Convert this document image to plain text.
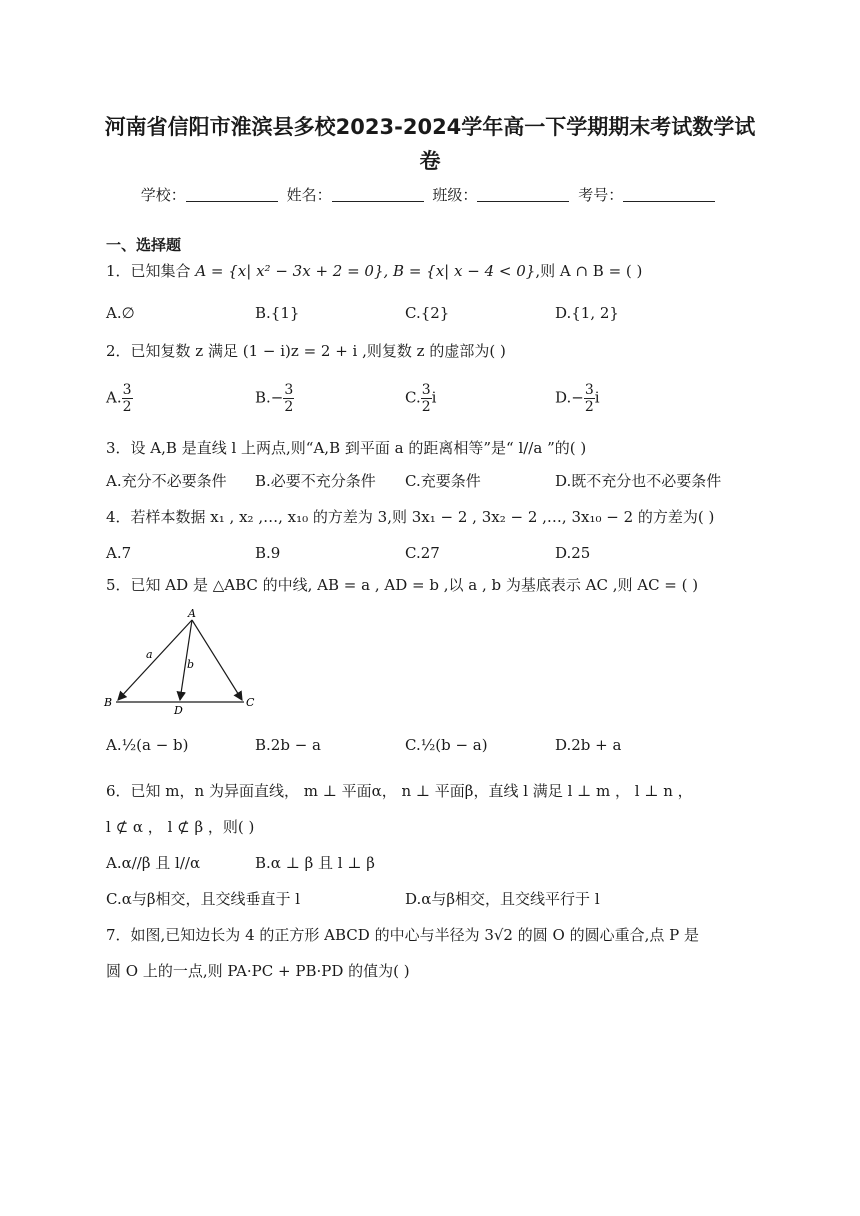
河南省信阳市淮滨县多校2023-2024学年高一下学期期末考试数学试
卷
学校：	姓名：	班级：	考号：
一、选择题
1．已知集合 A = {x| x² − 3x + 2 = 0}, B = {x| x − 4 < 0},则 A ∩ B = ( )
A.∅	B.{1}	C.{2}	D.{1, 2}
2．已知复数 z 满足 (1 − i)z = 2 + i ,则复数 z 的虚部为( )
A. $\frac{3}{2}$	$B.- \frac{3}{2}$	C. $\frac{3}{2}$ i	$D.- \frac{3}{2}$ i
3．设 A,B 是直线 l 上两点,则“A,B 到平面 a 的距离相等”是“ l//a ”的( )
A.充分不必要条件 B.必要不充分条件 C.充要条件	D.既不充分也不必要条件
4．若样本数据 x₁ , x₂ ,…, x₁₀ 的方差为 3,则 3x₁ − 2 , 3x₂ − 2 ,…, 3x₁₀ − 2 的方差为( )
A.7	B.9	C.27	D.25
5．已知 AD 是 △ABC 的中线, AB = a , AD = b ,以 a , b 为基底表示 AC ,则 AC = ( )
A
B	C
D
a
b
A.½(a − b)	B.2b − a	C.½(b − a)	D.2b + a
6．已知 m，n 为异面直线， m ⊥ 平面α， n ⊥ 平面β，直线 l 满足 l ⊥ m ， l ⊥ n ，
l ⊄ α ， l ⊄ β ，则( )
A.α//β 且 l//α	B.α ⊥ β 且 l ⊥ β
C.α与β相交，且交线垂直于 l	D.α与β相交，且交线平行于 l
7．如图,已知边长为 4 的正方形 ABCD 的中心与半径为 3√2 的圆 O 的圆心重合,点 P 是
圆 O 上的一点,则 PA·PC + PB·PD 的值为( )
